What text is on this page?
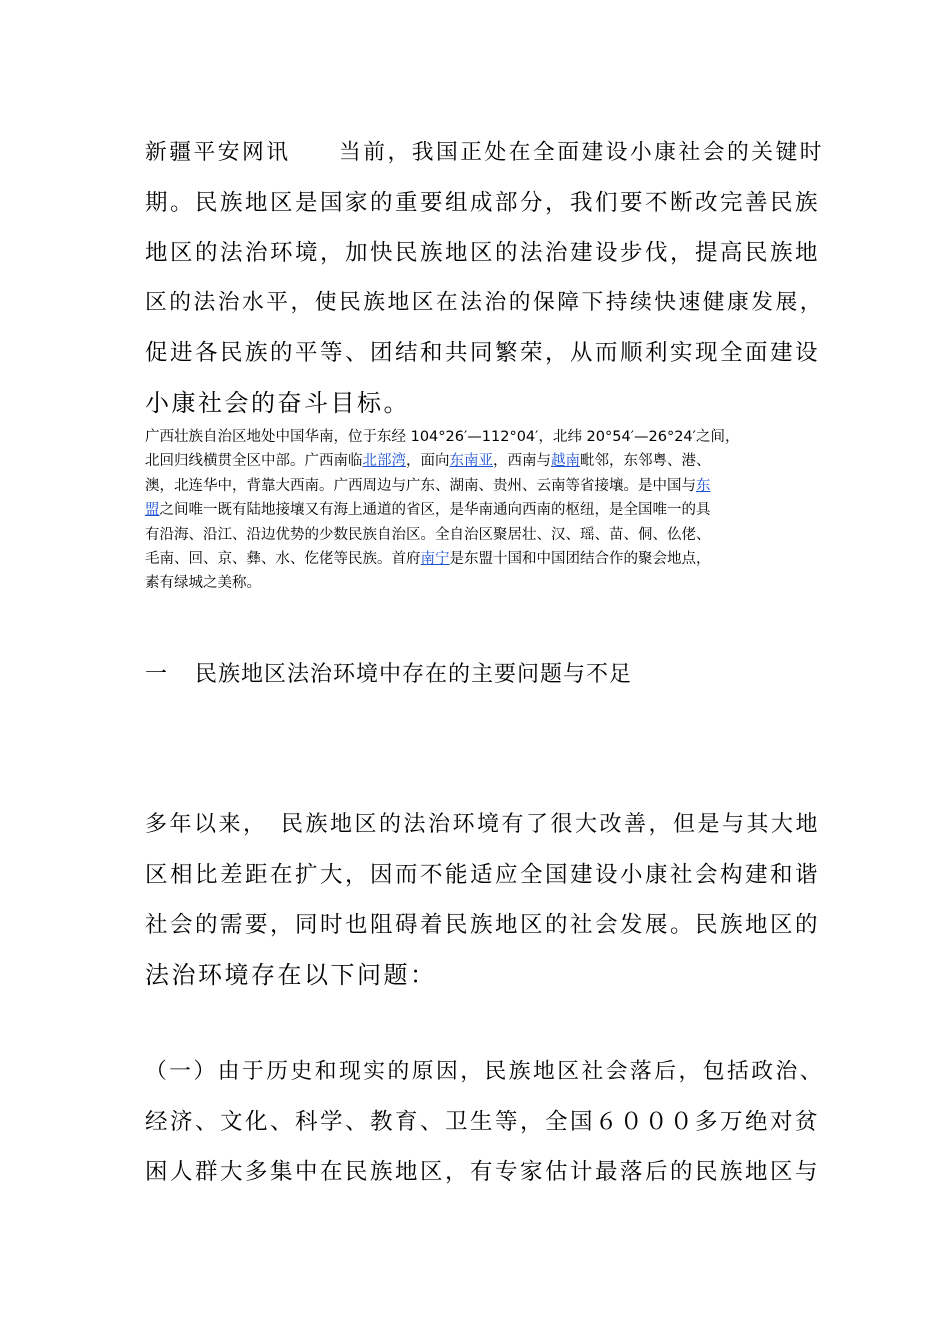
新疆平安网讯　　当前，我国正处在全面建设小康社会的关键时
期。民族地区是国家的重要组成部分，我们要不断改完善民族
地区的法治环境，加快民族地区的法治建设步伐，提高民族地
区的法治水平，使民族地区在法治的保障下持续快速健康发展，
促进各民族的平等、团结和共同繁荣，从而顺利实现全面建设
小康社会的奋斗目标。
广西壮族自治区地处中国华南，位于东经 104°26′—112°04′，北纬 20°54′—26°24′之间，
北回归线横贯全区中部。广西南临北部湾，面向东南亚，西南与越南毗邻，东邻粤、港、
澳，北连华中，背靠大西南。广西周边与广东、湖南、贵州、云南等省接壤。是中国与东
盟之间唯一既有陆地接壤又有海上通道的省区，是华南通向西南的枢纽，是全国唯一的具
有沿海、沿江、沿边优势的少数民族自治区。全自治区聚居壮、汉、瑶、苗、侗、仫佬、
毛南、回、京、彝、水、仡佬等民族。首府南宁是东盟十国和中国团结合作的聚会地点，
素有绿城之美称。
一 民族地区法治环境中存在的主要问题与不足
多年以来，　民族地区的法治环境有了很大改善，但是与其大地
区相比差距在扩大，因而不能适应全国建设小康社会构建和谐
社会的需要，同时也阻碍着民族地区的社会发展。民族地区的
法治环境存在以下问题：
（一）由于历史和现实的原因，民族地区社会落后，包括政治、
经济、文化、科学、教育、卫生等，全国６０００多万绝对贫
困人群大多集中在民族地区，有专家估计最落后的民族地区与
